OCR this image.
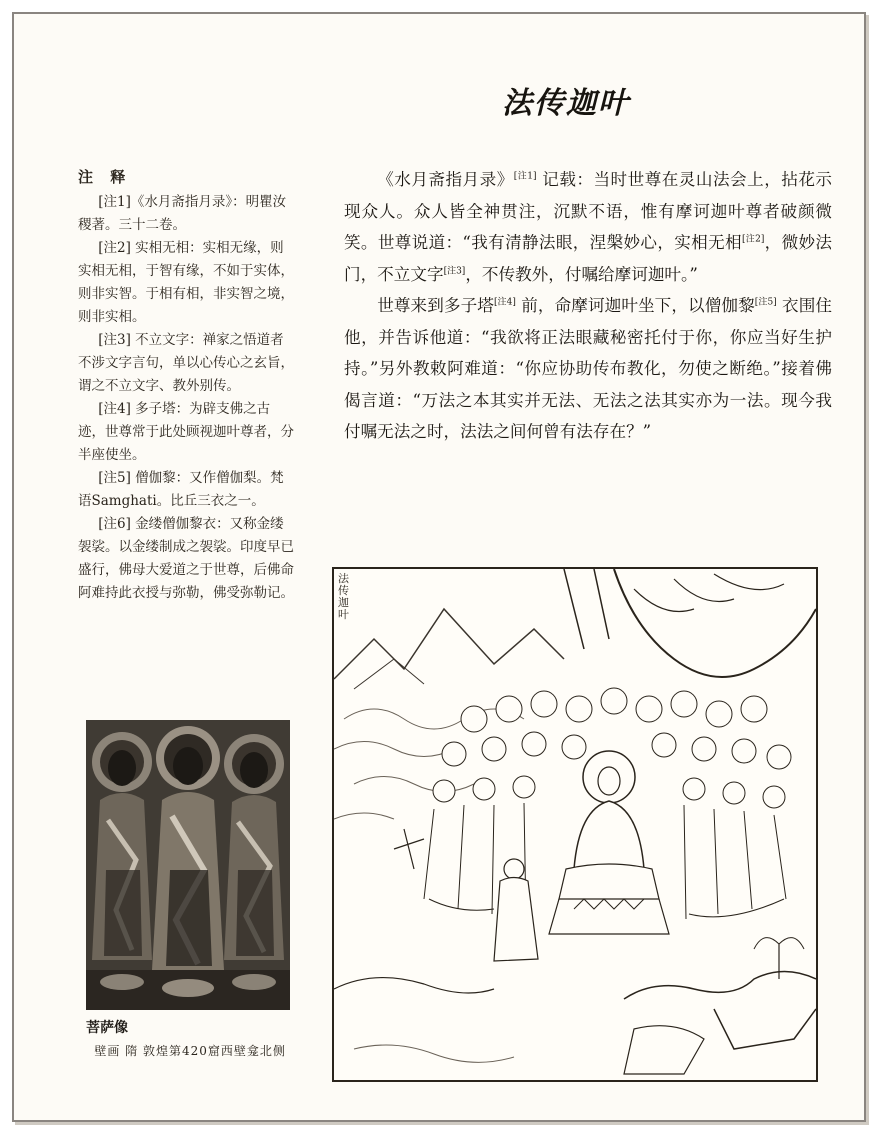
法传迦叶
注 释

[注1]《水月斋指月录》：明瞿汝稷著。三十二卷。

[注2] 实相无相：实相无缘，则实相无相，于智有缘，不如于实体，则非实智。于相有相，非实智之境，则非实相。

[注3] 不立文字：禅家之悟道者不涉文字言句，单以心传心之玄旨，谓之不立文字、教外别传。

[注4] 多子塔：为辟支佛之古迹，世尊常于此处顾视迦叶尊者，分半座使坐。

[注5] 僧伽黎：又作僧伽梨。梵语Samghati。比丘三衣之一。

[注6] 金缕僧伽黎衣：又称金缕袈裟。以金缕制成之袈裟。印度早已盛行，佛母大爱道之于世尊，后佛命阿难持此衣授与弥勒，佛受弥勒记。

《水月斋指月录》[注1] 记载：当时世尊在灵山法会上，拈花示现众人。众人皆全神贯注，沉默不语，惟有摩诃迦叶尊者破颜微笑。世尊说道：“我有清静法眼，涅槃妙心，实相无相[注2]，微妙法门，不立文字[注3]，不传教外，付嘱给摩诃迦叶。”

世尊来到多子塔[注4] 前，命摩诃迦叶坐下，以僧伽黎[注5] 衣围住他，并告诉他道：“我欲将正法眼藏秘密托付于你，你应当好生护持。”另外教敕阿难道：“你应协助传布教化，勿使之断绝。”接着佛偈言道：“万法之本其实并无法、无法之法其实亦为一法。现今我付嘱无法之时，法法之间何曾有法存在？”

菩萨像
壁画 隋 敦煌第420窟西壁龛北侧
法传迦叶
